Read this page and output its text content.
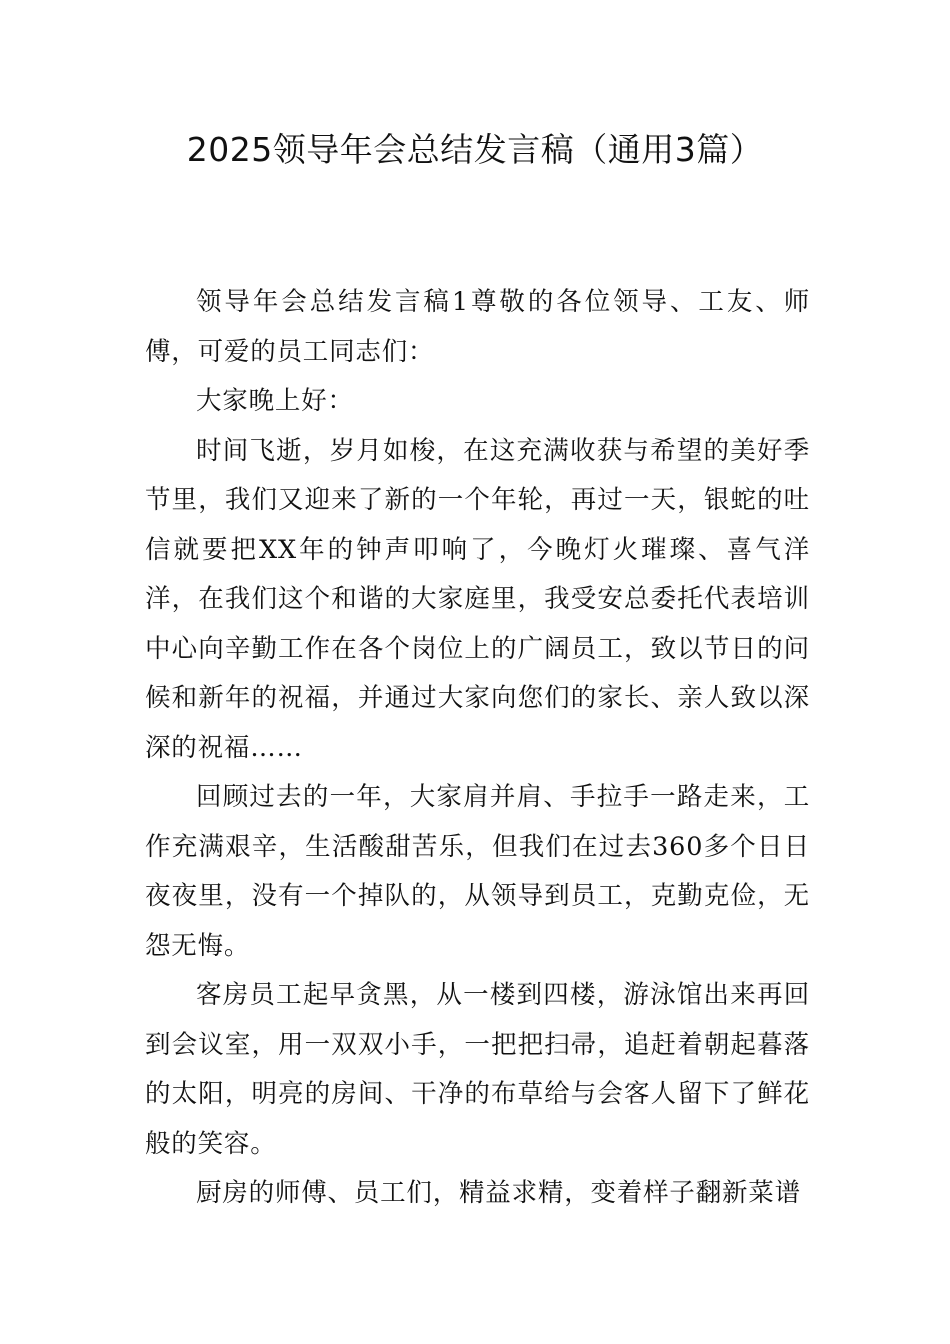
2025领导年会总结发言稿（通用3篇）

领导年会总结发言稿1尊敬的各位领导、工友、师傅，可爱的员工同志们：

大家晚上好：

时间飞逝，岁月如梭，在这充满收获与希望的美好季节里，我们又迎来了新的一个年轮，再过一天，银蛇的吐信就要把XX年的钟声叩响了，今晚灯火璀璨、喜气洋洋，在我们这个和谐的大家庭里，我受安总委托代表培训中心向辛勤工作在各个岗位上的广阔员工，致以节日的问候和新年的祝福，并通过大家向您们的家长、亲人致以深深的祝福……

回顾过去的一年，大家肩并肩、手拉手一路走来，工作充满艰辛，生活酸甜苦乐，但我们在过去360多个日日夜夜里，没有一个掉队的，从领导到员工，克勤克俭，无怨无悔。

客房员工起早贪黑，从一楼到四楼，游泳馆出来再回到会议室，用一双双小手，一把把扫帚，追赶着朝起暮落的太阳，明亮的房间、干净的布草给与会客人留下了鲜花般的笑容。

厨房的师傅、员工们，精益求精，变着样子翻新菜谱
